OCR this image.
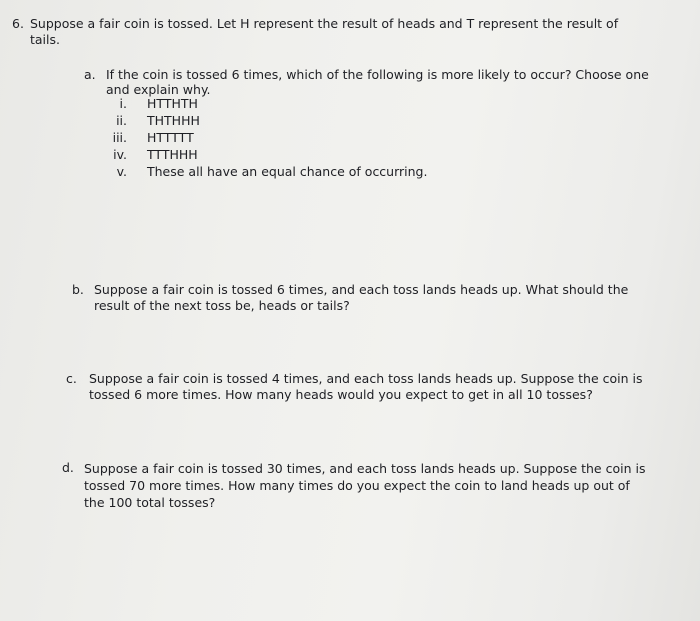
6. Suppose a fair coin is tossed. Let H represent the result of heads and T represent the result of
tails.
a. If the coin is tossed 6 times, which of the following is more likely to occur? Choose one
and explain why.
i. HTTHTH
ii. THTHHH
iii. HTTTTT
iv. TTTHHH
v. These all have an equal chance of occurring.
b. Suppose a fair coin is tossed 6 times, and each toss lands heads up. What should the
result of the next toss be, heads or tails?
c. Suppose a fair coin is tossed 4 times, and each toss lands heads up. Suppose the coin is
tossed 6 more times. How many heads would you expect to get in all 10 tosses?
d. Suppose a fair coin is tossed 30 times, and each toss lands heads up. Suppose the coin is
tossed 70 more times. How many times do you expect the coin to land heads up out of
the 100 total tosses?
